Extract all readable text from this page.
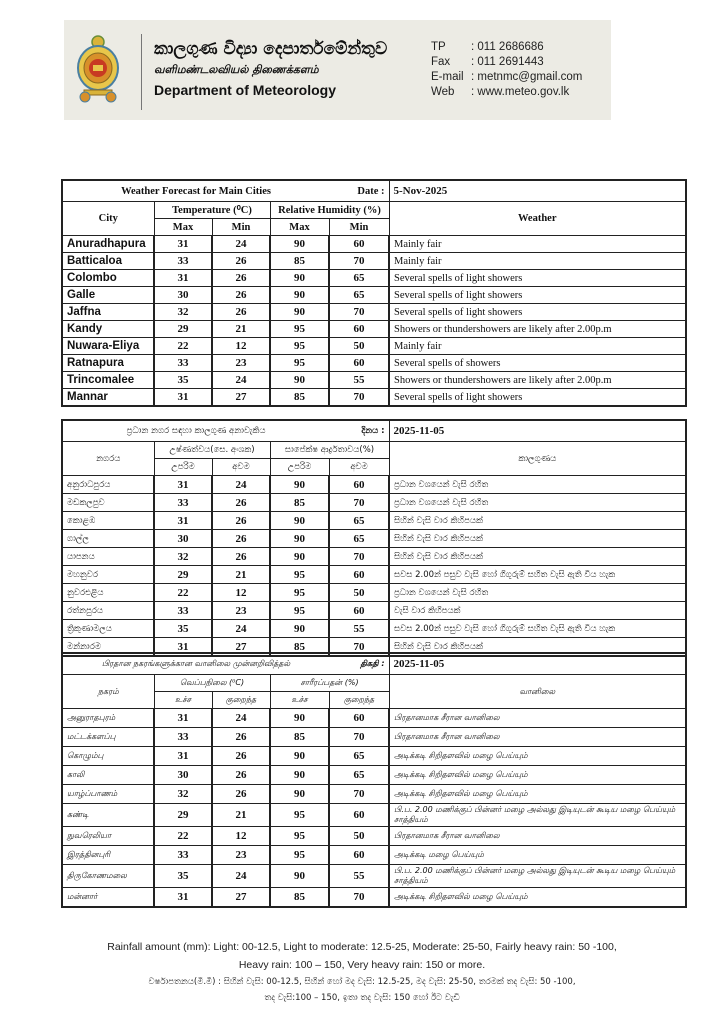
කාලගුණ විද්‍යා දෙපාර්තමේන්තුව
வளிமண்டலவியல் திணைக்களம்
Department of Meteorology
TP	: 011 2686686
Fax	: 011 2691443
E-mail : metnmc@gmail.com
Web	: www.meteo.gov.lk
Weather Forecast for Main Cities				Date :	5-Nov-2025
City	Temperature (⁰C)		Relative Humidity (%)		Weather
	Max	Min	Max	Min	
Anuradhapura	31	24	90	60	Mainly fair
Batticaloa	33	26	85	70	Mainly fair
Colombo	31	26	90	65	Several spells of light showers
Galle	30	26	90	65	Several spells of light showers
Jaffna	32	26	90	70	Several spells of light showers
Kandy	29	21	95	60	Showers or thundershowers are likely after 2.00p.m
Nuwara-Eliya	22	12	95	50	Mainly fair
Ratnapura	33	23	95	60	Several spells of showers
Trincomalee	35	24	90	55	Showers or thundershowers are likely after 2.00p.m
Mannar	31	27	85	70	Several spells of light showers
ප්‍රධාන නගර සඳහා කාලගුණ අනාවැකිය				දිනය :	2025-11-05
නගරය	උෂ්ණත්වය(සෙ. අංශක)		සාපේක්ෂ ආර්ද්‍රතාවය(%)		කාලගුණය
	උපරිම	අවම	උපරිම	අවම	
අනුරාධපුරය	31	24	90	60	ප්‍රධාන වශයෙන් වැසි රහිත
මඩකලපුව	33	26	85	70	ප්‍රධාන වශයෙන් වැසි රහිත
කොළඹ	31	26	90	65	සිහින් වැසි වාර කිහිපයක්
ගාල්ල	30	26	90	65	සිහින් වැසි වාර කිහිපයක්
යාපනය	32	26	90	70	සිහින් වැසි වාර කිහිපයක්
මහනුවර	29	21	95	60	සවස 2.00න් පසුව වැසි හෝ ගිගුරුම් සහිත වැසි ඇති විය හැක
නුවරඑළිය	22	12	95	50	ප්‍රධාන වශයෙන් වැසි රහිත
රත්නපුරය	33	23	95	60	වැසි වාර කිහිපයක්
ත්‍රිකුණාමලය	35	24	90	55	සවස 2.00න් පසුව වැසි හෝ ගිගුරුම් සහිත වැසි ඇති විය හැක
මන්නාරම	31	27	85	70	සිහින් වැසි වාර කිහිපයක්
பிரதான நகரங்களுக்கான வானிலை முன்னறிவித்தல்				திகதி :	2025-11-05
நகரம்	வெப்பநிலை (⁰C)		சாரீரப்பதன் (%)		வானிலை
	உச்ச	குறைந்த	உச்ச	குறைந்த	
அனுராதபுரம்	31	24	90	60	பிரதானமாக சீரான வானிலை
மட்டக்களப்பு	33	26	85	70	பிரதானமாக சீரான வானிலை
கொழும்பு	31	26	90	65	அடிக்கடி சிறிதளவில் மழை பெய்யும்
காலி	30	26	90	65	அடிக்கடி சிறிதளவில் மழை பெய்யும்
யாழ்ப்பாணம்	32	26	90	70	அடிக்கடி சிறிதளவில் மழை பெய்யும்
கண்டி	29	21	95	60	பி.ப. 2.00 மணிக்குப் பின்னர் மழை அல்லது இடியுடன் கூடிய மழை பெய்யும் சாத்தியம்
நுவரெலியா	22	12	95	50	பிரதானமாக சீரான வானிலை
இரத்தினபுரி	33	23	95	60	அடிக்கடி மழை பெய்யும்
திருகோணமலை	35	24	90	55	பி.ப. 2.00 மணிக்குப் பின்னர் மழை அல்லது இடியுடன் கூடிய மழை பெய்யும் சாத்தியம்
மன்னார்	31	27	85	70	அடிக்கடி சிறிதளவில் மழை பெய்யும்
Rainfall amount (mm): Light: 00-12.5, Light to moderate: 12.5-25, Moderate: 25-50, Fairly heavy rain: 50 -100,
Heavy rain: 100 – 150, Very heavy rain: 150 or more.
වර්ෂාපතනය(මි.මී) : සිහින් වැසි: 00-12.5, සිහින් හෝ මද වැසි: 12.5-25, මද වැසි: 25-50, තරමක් තද වැසි: 50 -100,
තද වැසි:100 – 150, ඉතා තද වැසි: 150 හෝ ඊට වැඩි
